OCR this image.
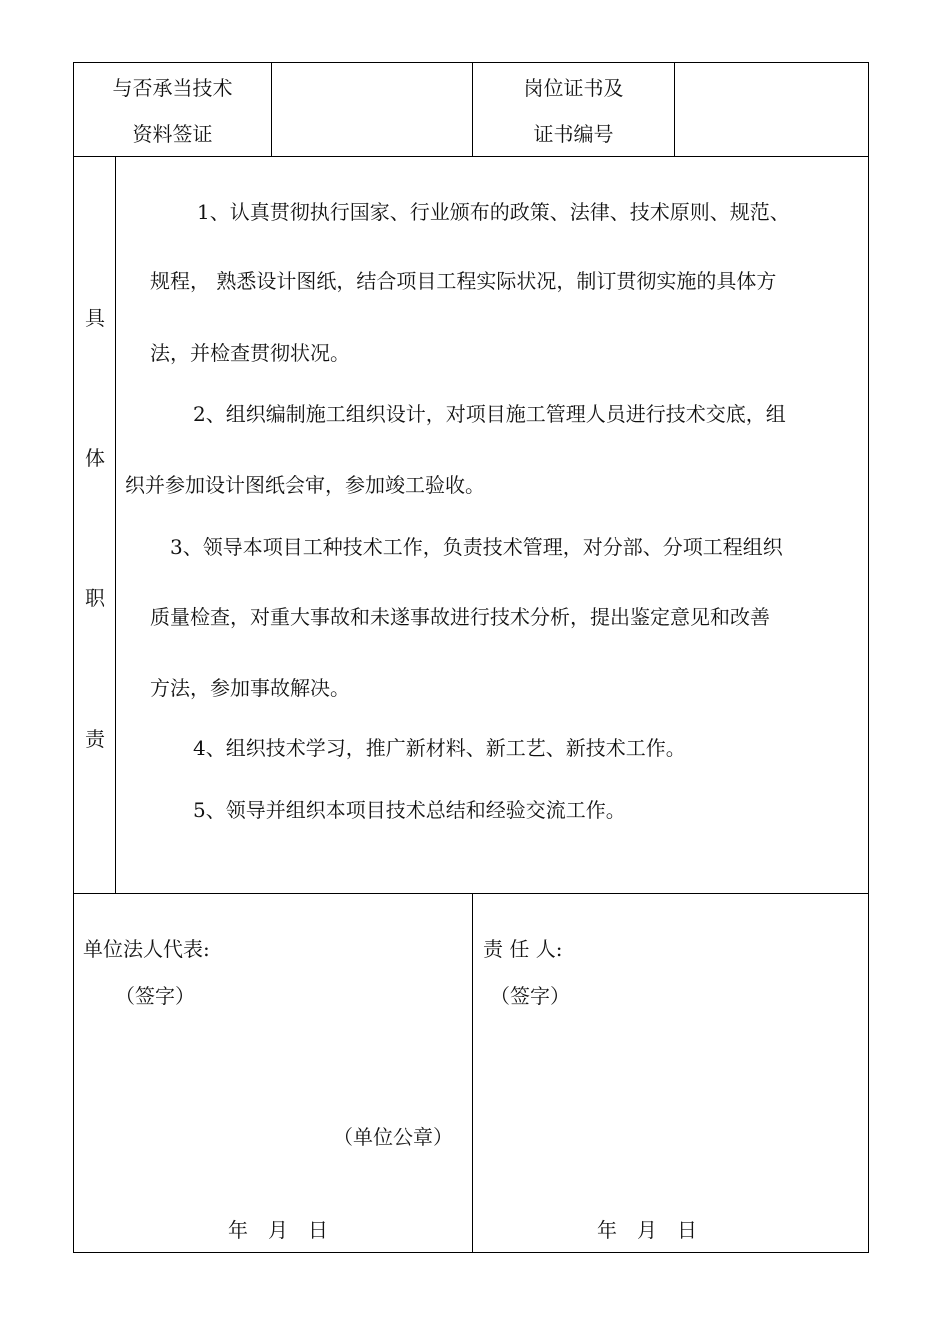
与否承当技术
资料签证
岗位证书及
证书编号
具
体
职
责
1、认真贯彻执行国家、行业颁布的政策、法律、技术原则、规范、
规程， 熟悉设计图纸，结合项目工程实际状况，制订贯彻实施的具体方
法，并检查贯彻状况。
2、组织编制施工组织设计，对项目施工管理人员进行技术交底，组
织并参加设计图纸会审，参加竣工验收。
3、领导本项目工种技术工作，负责技术管理，对分部、分项工程组织
质量检查，对重大事故和未遂事故进行技术分析，提出鉴定意见和改善
方法，参加事故解决。
4、组织技术学习，推广新材料、新工艺、新技术工作。
5、领导并组织本项目技术总结和经验交流工作。
单位法人代表:
（签字）
（单位公章）
年　月　日
责 任 人:
（签字）
年　月　日
